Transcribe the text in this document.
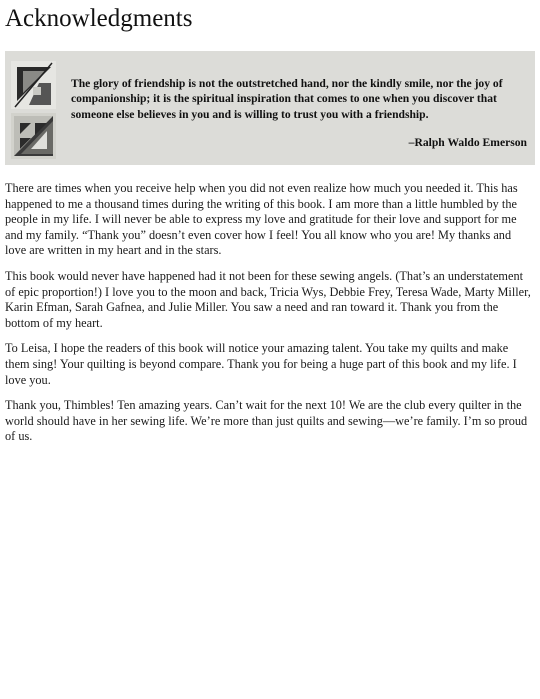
Acknowledgments
The glory of friendship is not the outstretched hand, nor the kindly smile, nor the joy of companionship; it is the spiritual inspiration that comes to one when you discover that someone else believes in you and is willing to trust you with a friendship.
–Ralph Waldo Emerson

There are times when you receive help when you did not even realize how much you needed it. This has happened to me a thousand times during the writing of this book. I am more than a little humbled by the people in my life. I will never be able to express my love and gratitude for their love and support for me and my family. “Thank you” doesn’t even cover how I feel! You all know who you are! My thanks and love are written in my heart and in the stars.

This book would never have happened had it not been for these sewing angels. (That’s an understatement of epic proportion!) I love you to the moon and back, Tricia Wys, Debbie Frey, Teresa Wade, Marty Miller, Karin Efman, Sarah Gafnea, and Julie Miller. You saw a need and ran toward it. Thank you from the bottom of my heart.

To Leisa, I hope the readers of this book will notice your amazing talent. You take my quilts and make them sing! Your quilting is beyond compare. Thank you for being a huge part of this book and my life. I love you.

Thank you, Thimbles! Ten amazing years. Can’t wait for the next 10! We are the club every quilter in the world should have in her sewing life. We’re more than just quilts and sewing—we’re family. I’m so proud of us.
